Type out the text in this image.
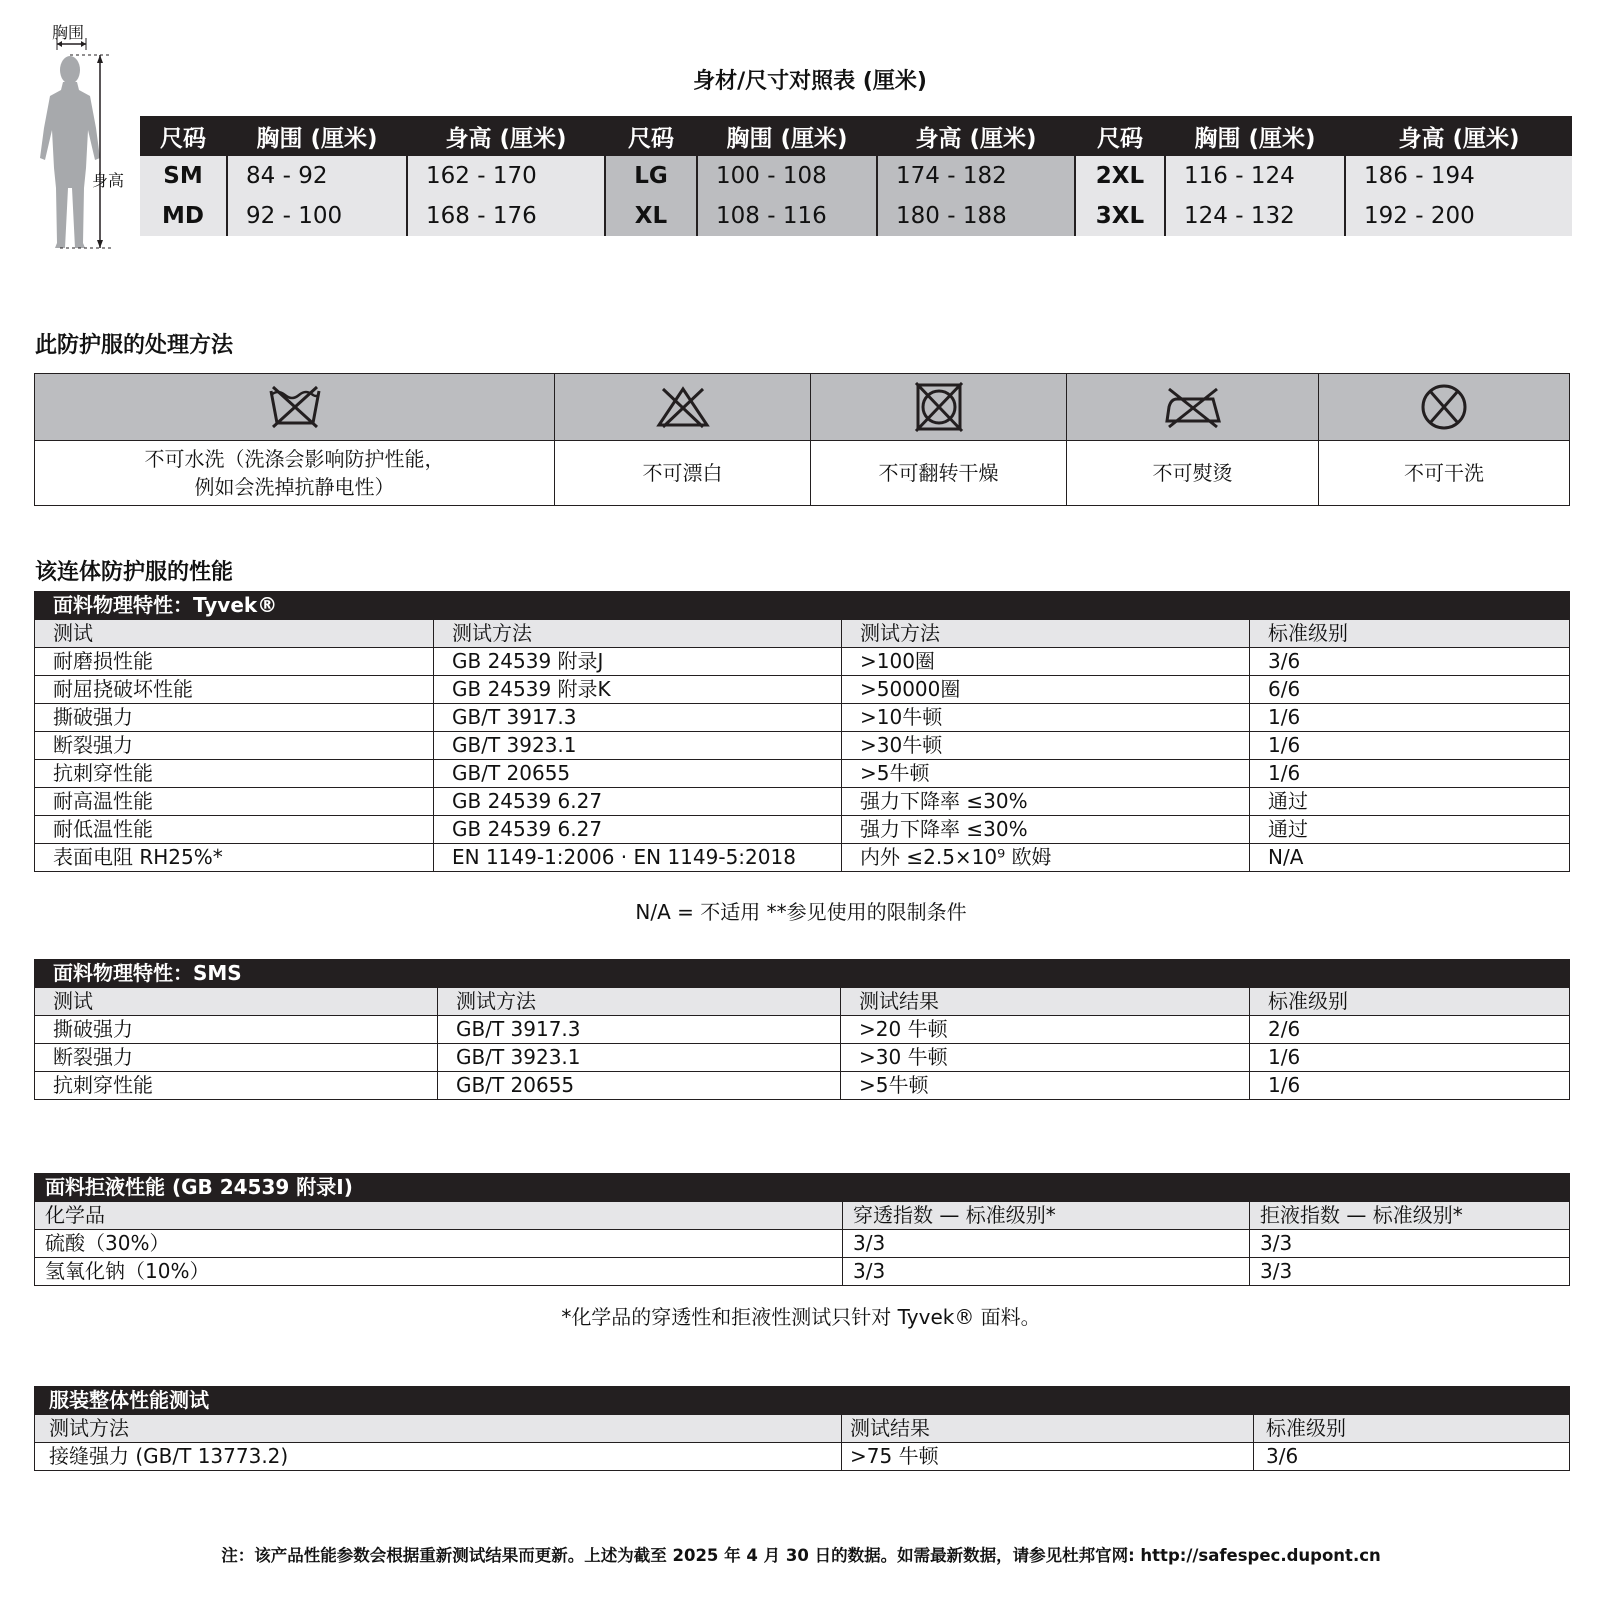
胸围
身高
身材/尺寸对照表 (厘米)
尺码	胸围 (厘米)	身高 (厘米)	尺码	胸围 (厘米)	身高 (厘米)	尺码	胸围 (厘米)	身高 (厘米)
SM	84 - 92	162 - 170	LG	100 - 108	174 - 182	2XL	116 - 124	186 - 194
MD	92 - 100	168 - 176	XL	108 - 116	180 - 188	3XL	124 - 132	192 - 200
此防护服的处理方法

不可水洗（洗涤会影响防护性能，
例如会洗掉抗静电性）	不可漂白	不可翻转干燥	不可熨烫	不可干洗
该连体防护服的性能
面料物理特性：Tyvek®			
测试	测试方法	测试方法	标准级别
耐磨损性能	GB 24539 附录J	>100圈	3/6
耐屈挠破坏性能	GB 24539 附录K	>50000圈	6/6
撕破强力	GB/T 3917.3	>10牛顿	1/6
断裂强力	GB/T 3923.1	>30牛顿	1/6
抗刺穿性能	GB/T 20655	>5牛顿	1/6
耐高温性能	GB 24539 6.27	强力下降率 ≤30%	通过
耐低温性能	GB 24539 6.27	强力下降率 ≤30%	通过
表面电阻 RH25%*	EN 1149-1:2006 · EN 1149-5:2018	内外 ≤2.5×10⁹ 欧姆	N/A
N/A = 不适用 **参见使用的限制条件
面料物理特性：SMS			
测试	测试方法	测试结果	标准级别
撕破强力	GB/T 3917.3	>20 牛顿	2/6
断裂强力	GB/T 3923.1	>30 牛顿	1/6
抗刺穿性能	GB/T 20655	>5牛顿	1/6
面料拒液性能 (GB 24539 附录I)		
化学品	穿透指数 — 标准级别*	拒液指数 — 标准级别*
硫酸（30%）	3/3	3/3
氢氧化钠（10%）	3/3	3/3
*化学品的穿透性和拒液性测试只针对 Tyvek® 面料。
服装整体性能测试		
测试方法	测试结果	标准级别
接缝强力 (GB/T 13773.2)	>75 牛顿	3/6
注：该产品性能参数会根据重新测试结果而更新。上述为截至 2025 年 4 月 30 日的数据。如需最新数据，请参见杜邦官网: http://safespec.dupont.cn
